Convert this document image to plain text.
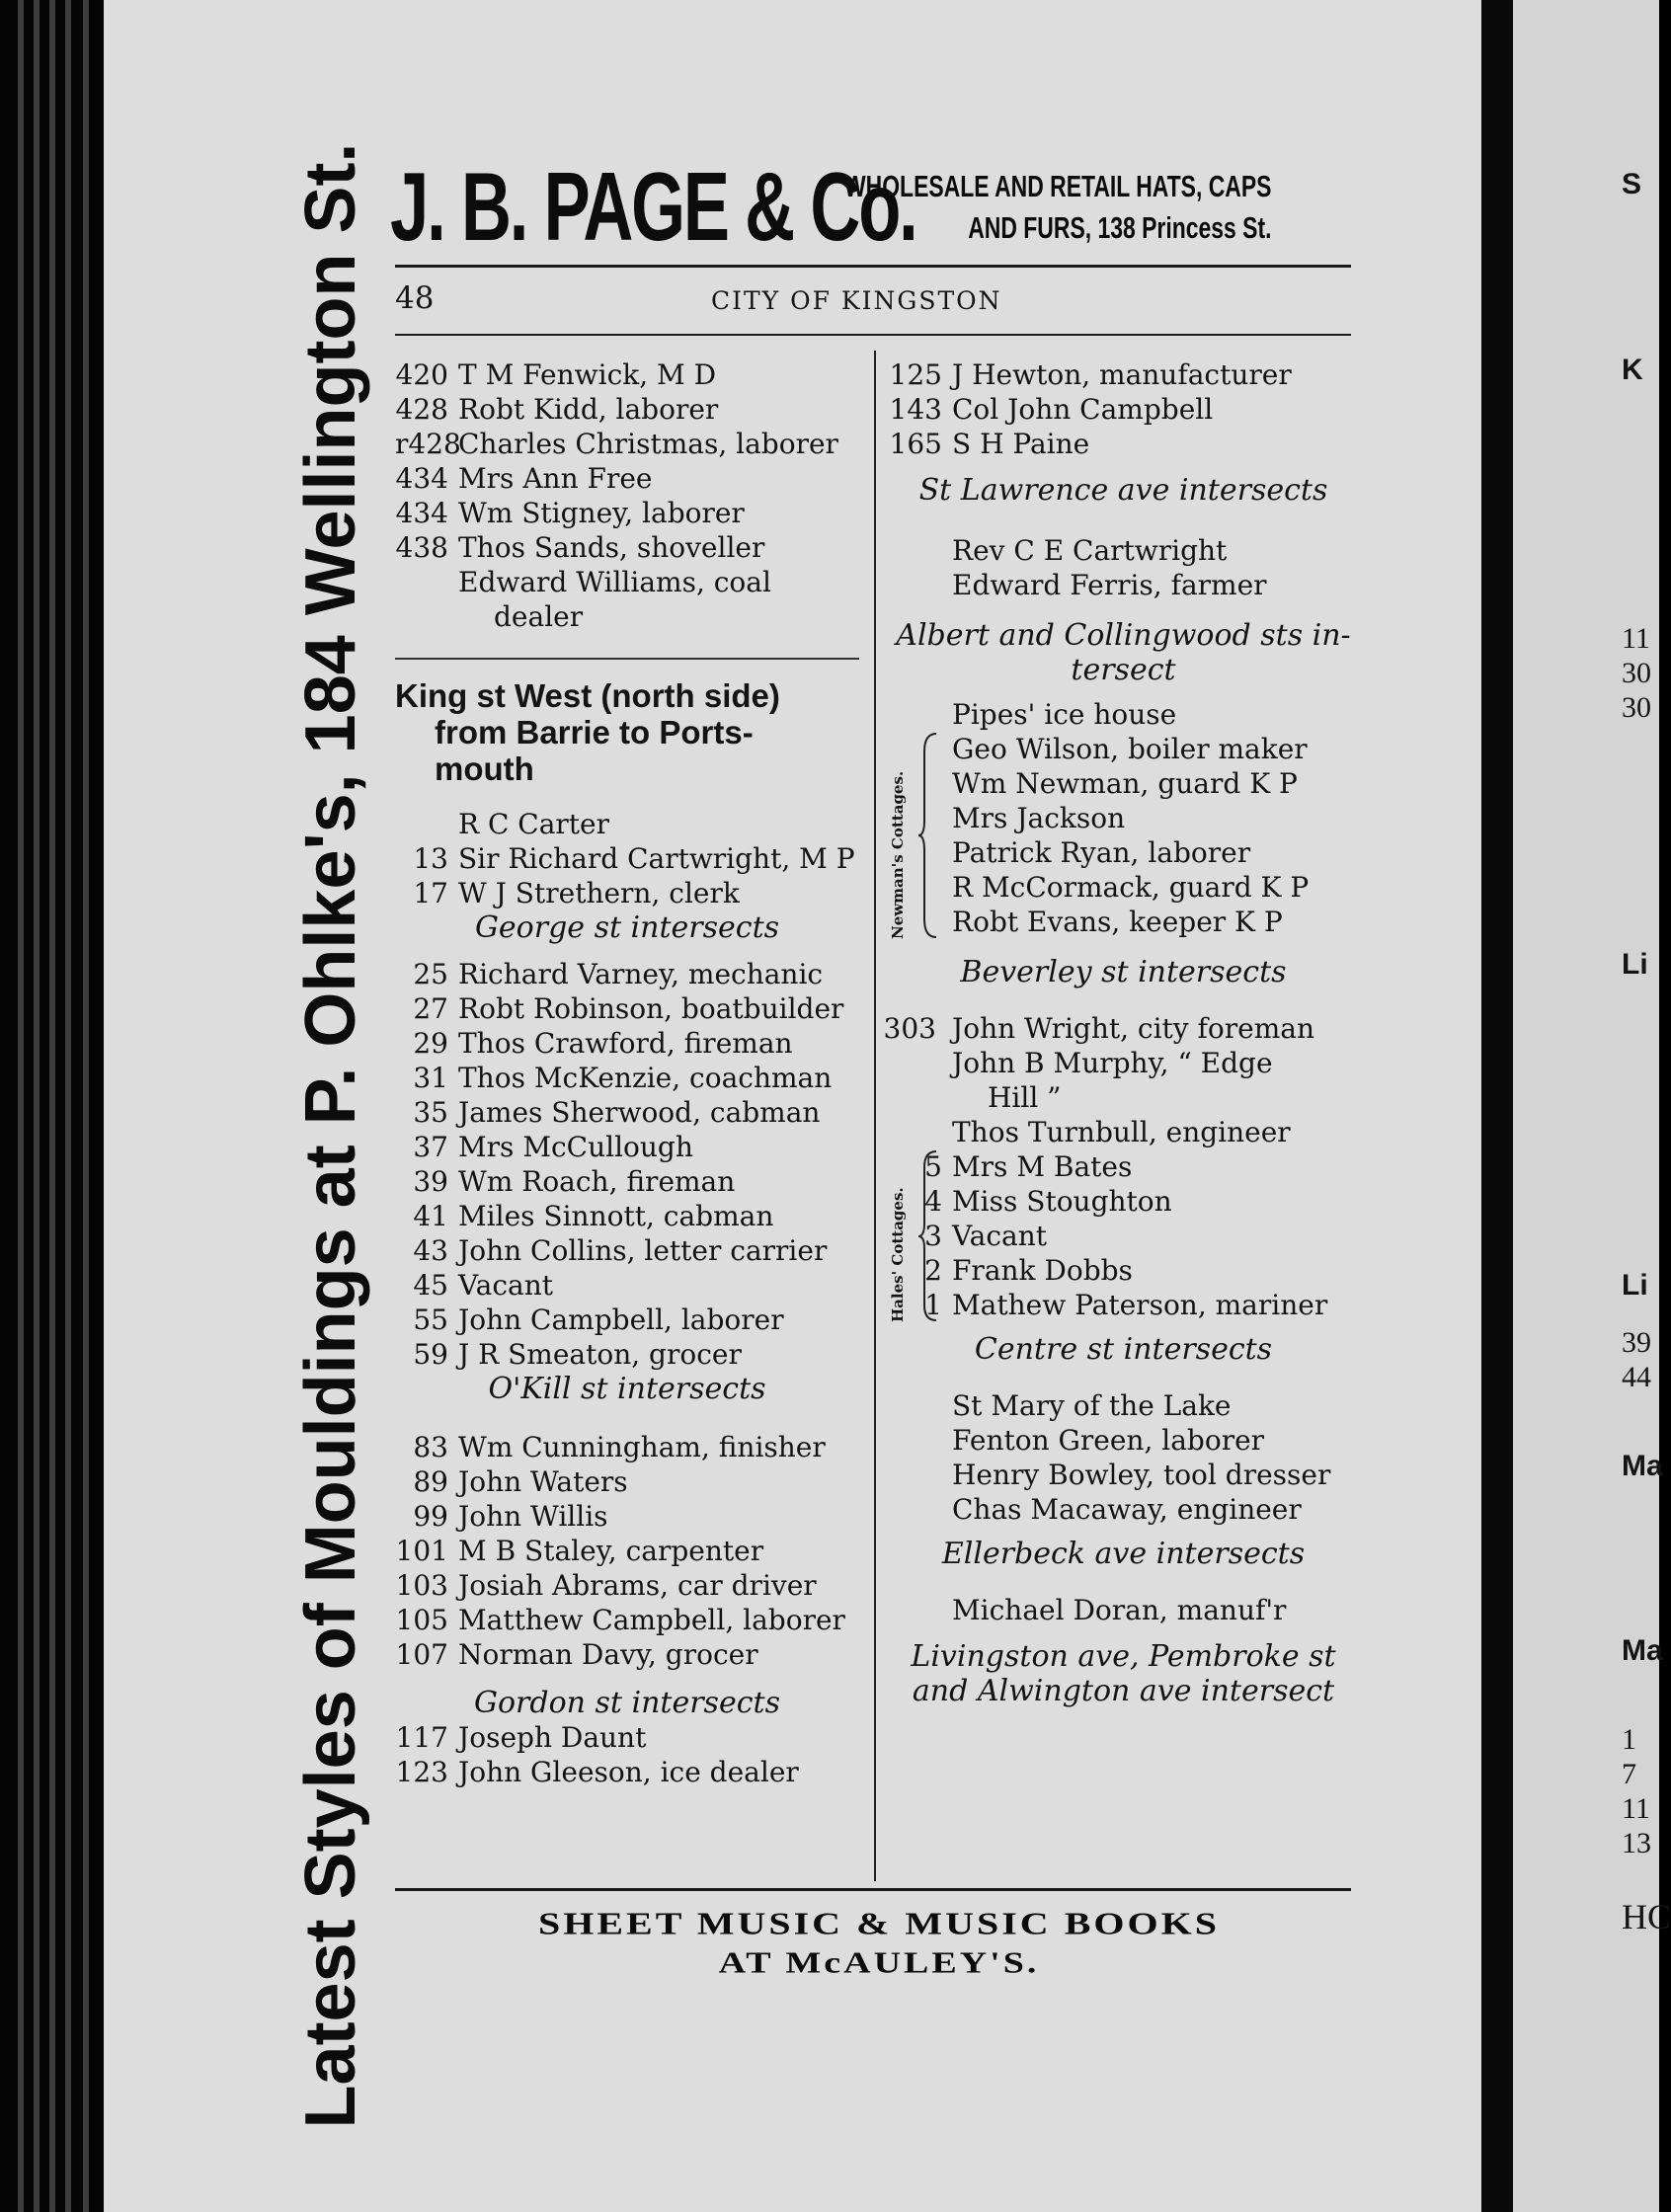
J. B. PAGE & Co.
WHOLESALE AND RETAIL HATS, CAPS
AND FURS, 138 Princess St.
48	CITY OF KINGSTON
Latest Styles of Mouldings at P. Ohlke's, 184 Wellington St. 420 T M Fenwick, M D
428 Robt Kidd, laborer
r428
Charles Christmas, laborer
434 Mrs Ann Free
434 Wm Stigney, laborer
438 Thos Sands, shoveller
Edward Williams, coal
dealer
King st West (north side)
from Barrie to Ports-
mouth
R C Carter
13 Sir Richard Cartwright, M P
17 W J Strethern, clerk
George st intersects
25 Richard Varney, mechanic
27 Robt Robinson, boatbuilder
29 Thos Crawford, fireman
31 Thos McKenzie, coachman
35 James Sherwood, cabman
37 Mrs McCullough
39 Wm Roach, fireman
41 Miles Sinnott, cabman
43 John Collins, letter carrier
45 Vacant
55 John Campbell, laborer
59 J R Smeaton, grocer
O'Kill st intersects
83 Wm Cunningham, finisher
89 John Waters
99 John Willis
101 M B Staley, carpenter
103 Josiah Abrams, car driver
105 Matthew Campbell, laborer
107 Norman Davy, grocer
Gordon st intersects
117 Joseph Daunt
123 John Gleeson, ice dealer
125 J Hewton, manufacturer
143 Col John Campbell
165 S H Paine
St Lawrence ave intersects
Rev C E Cartwright
Edward Ferris, farmer
Albert and Collingwood sts in-
tersect
Pipes' ice house
Newman's Cottages.
Geo Wilson, boiler maker
Wm Newman, guard K P
Mrs Jackson
Patrick Ryan, laborer
R McCormack, guard K P
Robt Evans, keeper K P
Beverley st intersects
303 John Wright, city foreman
John B Murphy, “ Edge
Hill ”
Thos Turnbull, engineer
Hales' Cottages.
5 Mrs M Bates
4 Miss Stoughton
3 Vacant
2 Frank Dobbs
1 Mathew Paterson, mariner
Centre st intersects
St Mary of the Lake
Fenton Green, laborer
Henry Bowley, tool dresser
Chas Macaway, engineer
Ellerbeck ave intersects
Michael Doran, manuf'r
Livingston ave, Pembroke st
and Alwington ave intersect
SHEET MUSIC & MUSIC BOOKS
AT McAULEY'S.
S
K
11
30
30
Li
Li
39
44
Ma
Ma
1
7
11
13
HC
